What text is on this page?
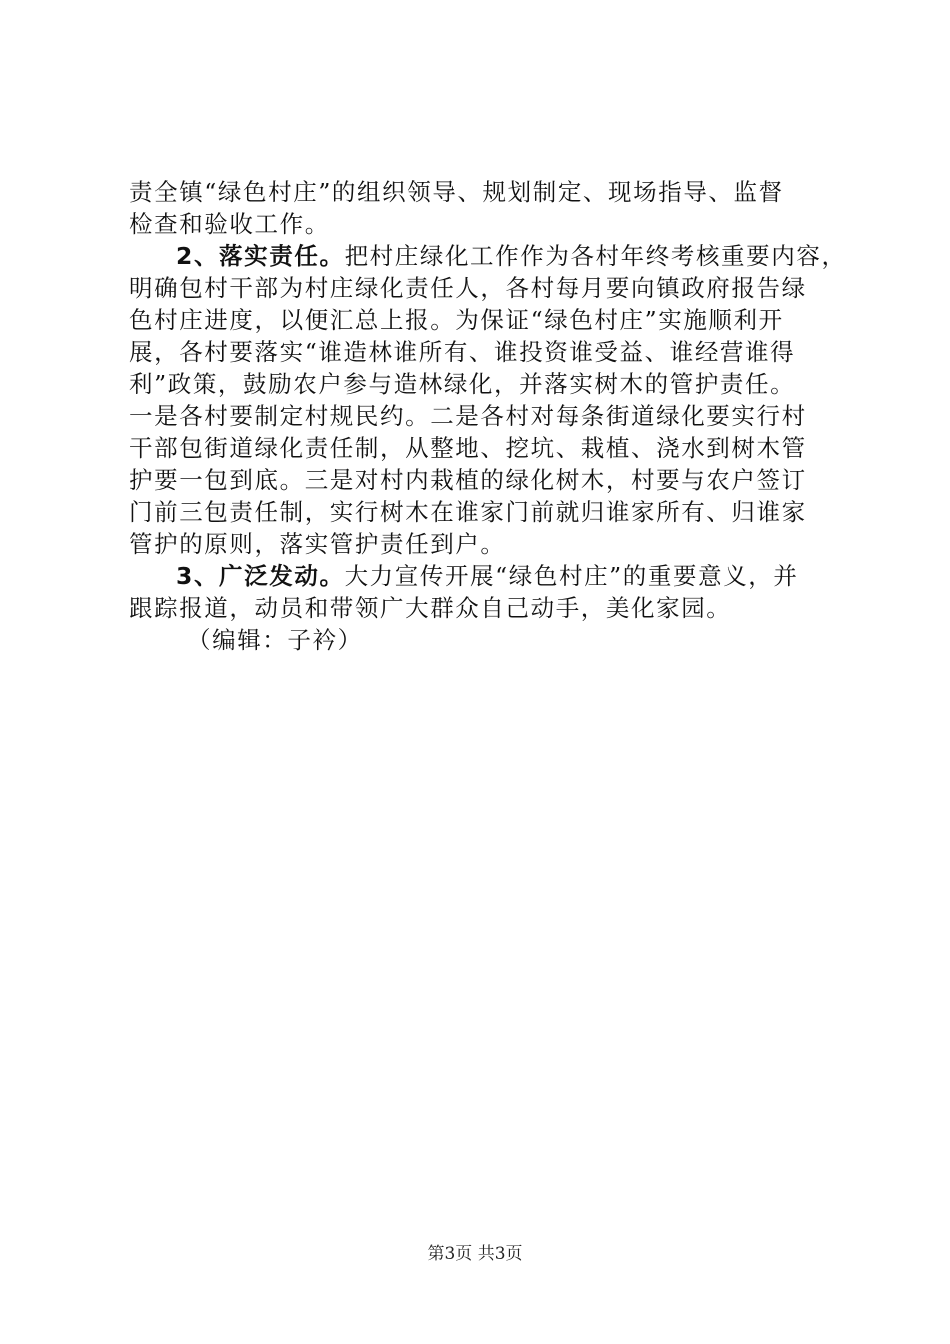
责全镇“绿色村庄”的组织领导、规划制定、现场指导、监督
检查和验收工作。
2、落实责任。把村庄绿化工作作为各村年终考核重要内容，
明确包村干部为村庄绿化责任人，各村每月要向镇政府报告绿
色村庄进度，以便汇总上报。为保证“绿色村庄”实施顺利开
展，各村要落实“谁造林谁所有、谁投资谁受益、谁经营谁得
利”政策，鼓励农户参与造林绿化，并落实树木的管护责任。
一是各村要制定村规民约。二是各村对每条街道绿化要实行村
干部包街道绿化责任制，从整地、挖坑、栽植、浇水到树木管
护要一包到底。三是对村内栽植的绿化树木，村要与农户签订
门前三包责任制，实行树木在谁家门前就归谁家所有、归谁家
管护的原则，落实管护责任到户。
3、广泛发动。大力宣传开展“绿色村庄”的重要意义，并
跟踪报道，动员和带领广大群众自己动手，美化家园。
（编辑：子衿）
第3页 共3页
